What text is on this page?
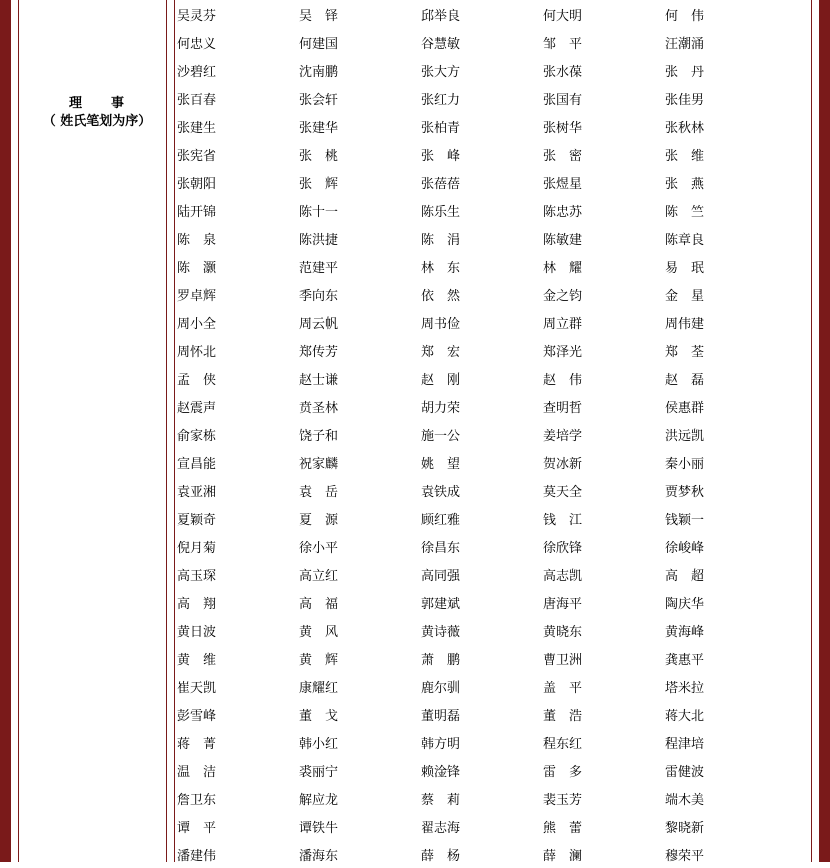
理　　事
（ 姓氏笔划为序）
吴灵芬	吴　铎	邱举良	何大明	何　伟
何忠义	何建国	谷慧敏	邹　平	汪潮涌
沙碧红	沈南鹏	张大方	张水葆	张　丹
张百春	张会轩	张红力	张国有	张佳男
张建生	张建华	张柏青	张树华	张秋林
张宪省	张　桃	张　峰	张　密	张　维
张朝阳	张　辉	张蓓蓓	张煜星	张　燕
陆开锦	陈十一	陈乐生	陈忠苏	陈　竺
陈　泉	陈洪捷	陈　涓	陈敏建	陈章良
陈　灏	范建平	林　东	林　耀	易　珉
罗卓辉	季向东	依　然	金之钧	金　星
周小全	周云帆	周书俭	周立群	周伟建
周怀北	郑传芳	郑　宏	郑泽光	郑　荃
孟　侠	赵士谦	赵　刚	赵　伟	赵　磊
赵震声	贲圣林	胡力荣	查明哲	侯惠群
俞家栋	饶子和	施一公	姜培学	洪远凯
宣昌能	祝家麟	姚　望	贺冰新	秦小丽
袁亚湘	袁　岳	袁铁成	莫天全	贾梦秋
夏颖奇	夏　源	顾红雅	钱　江	钱颖一
倪月菊	徐小平	徐昌东	徐欣锋	徐峻峰
高玉琛	高立红	高同强	高志凯	高　超
高　翔	高　福	郭建斌	唐海平	陶庆华
黄日波	黄　风	黄诗薇	黄晓东	黄海峰
黄　维	黄　辉	萧　鹏	曹卫洲	龚惠平
崔天凯	康耀红	鹿尔驯	盖　平	塔米拉
彭雪峰	董　戈	董明磊	董　浩	蒋大北
蒋　菁	韩小红	韩方明	程东红	程津培
温　洁	裘丽宁	赖淦锋	雷　多	雷健波
詹卫东	解应龙	蔡　莉	裴玉芳	端木美
谭　平	谭铁牛	翟志海	熊　蕾	黎晓新
潘建伟	潘海东	薛　杨	薛　澜	穆荣平
